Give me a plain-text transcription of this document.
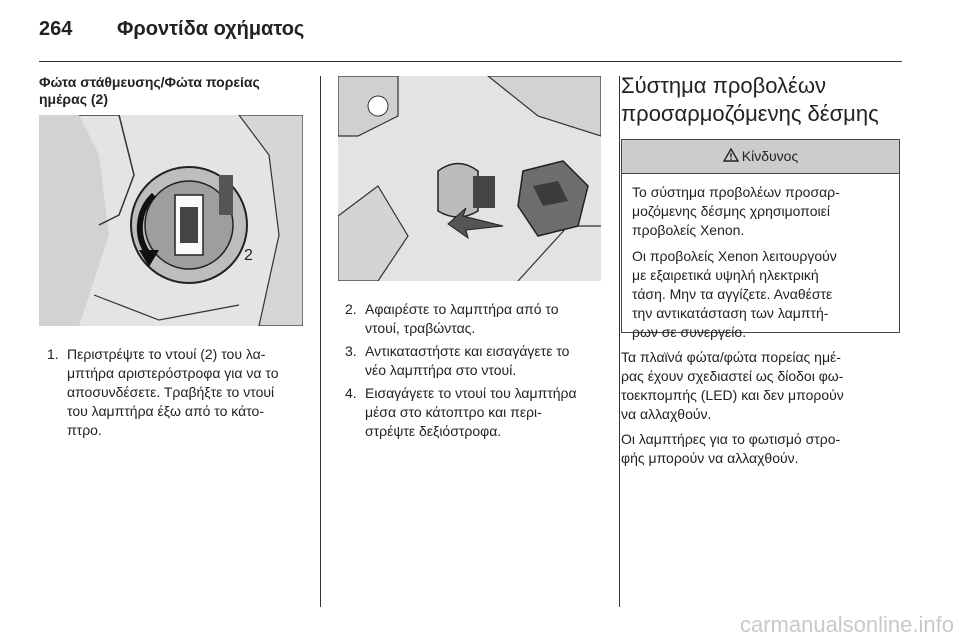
264 Φροντίδα οχήματος
Φώτα στάθμευσης/Φώτα πορείας
ημέρας (2)
2
1. Περιστρέψτε το ντουί (2) του λα-
μπτήρα αριστερόστροφα για να το
αποσυνδέσετε. Τραβήξτε το ντουί
του λαμπτήρα έξω από το κάτο-
πτρο.
2. Αφαιρέστε το λαμπτήρα από το
ντουί, τραβώντας.
3. Αντικαταστήστε και εισαγάγετε το
νέο λαμπτήρα στο ντουί.
4. Εισαγάγετε το ντουί του λαμπτήρα
μέσα στο κάτοπτρο και περι-
στρέψτε δεξιόστροφα.
Σύστημα προβολέων
προσαρμοζόμενης δέσμης
Κίνδυνος

Το σύστημα προβολέων προσαρ-
μοζόμενης δέσμης χρησιμοποιεί
προβολείς Xenon.

Οι προβολείς Xenon λειτουργούν
με εξαιρετικά υψηλή ηλεκτρική
τάση. Μην τα αγγίζετε. Αναθέστε
την αντικατάσταση των λαμπτή-
ρων σε συνεργείο.

Τα πλαϊνά φώτα/φώτα πορείας ημέ-
ρας έχουν σχεδιαστεί ως δίοδοι φω-
τοεκπομπής (LED) και δεν μπορούν
να αλλαχθούν.

Οι λαμπτήρες για το φωτισμό στρο-
φής μπορούν να αλλαχθούν.

carmanualsonline.info
